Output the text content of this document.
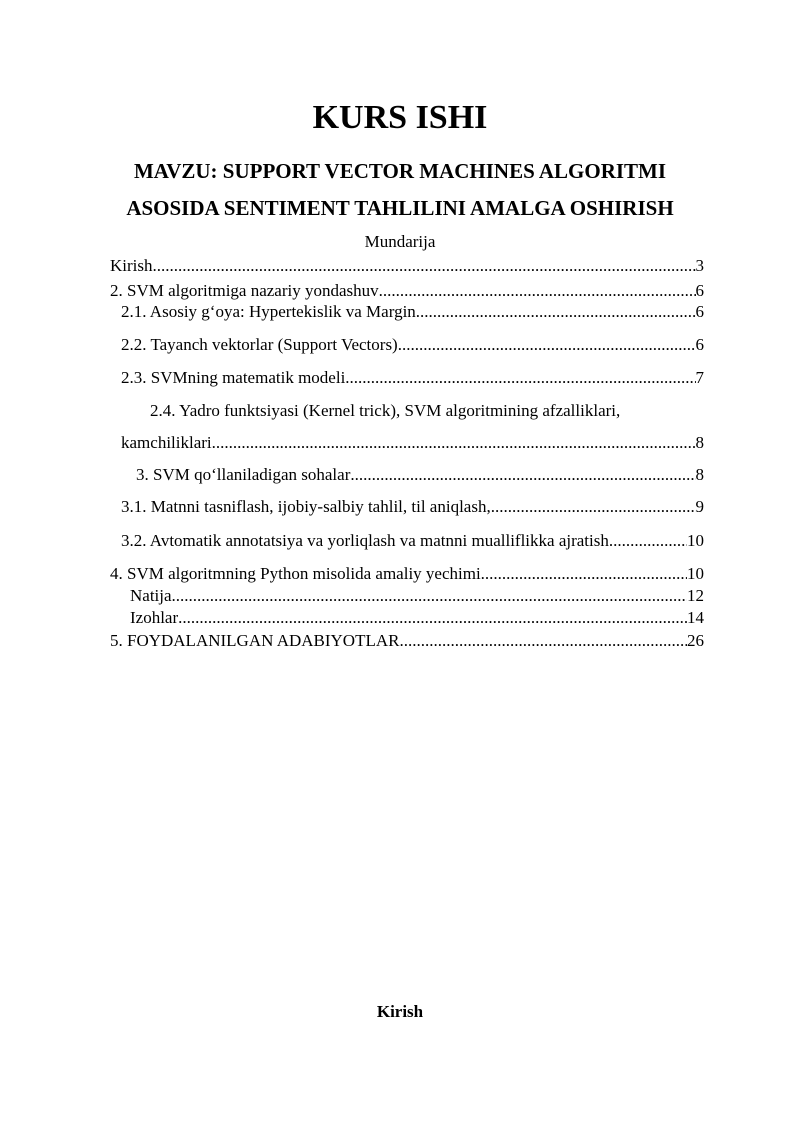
KURS ISHI
MAVZU: SUPPORT VECTOR MACHINES ALGORITMI
ASOSIDA SENTIMENT TAHLILINI AMALGA OSHIRISH
Mundarija
Kirish .....	3
2. SVM algoritmiga nazariy yondashuv .....	6
2.1. Asosiy g‘oya: Hypertekislik va Margin .....	6
2.2. Tayanch vektorlar (Support Vectors) .....	6
2.3. SVMning matematik modeli .....	7
2.4. Yadro funktsiyasi (Kernel trick), SVM algoritmining afzalliklari,
kamchiliklari .....	8
3. SVM qo‘llaniladigan sohalar .....	8
3.1. Matnni tasniflash, ijobiy-salbiy tahlil, til aniqlash, .....	9
3.2. Avtomatik annotatsiya va yorliqlash va matnni mualliflikka ajratish .....	10
4. SVM algoritmning Python misolida amaliy yechimi .....	10
Natija .....	12
Izohlar .....	14
5. FOYDALANILGAN ADABIYOTLAR .....	26
Kirish
